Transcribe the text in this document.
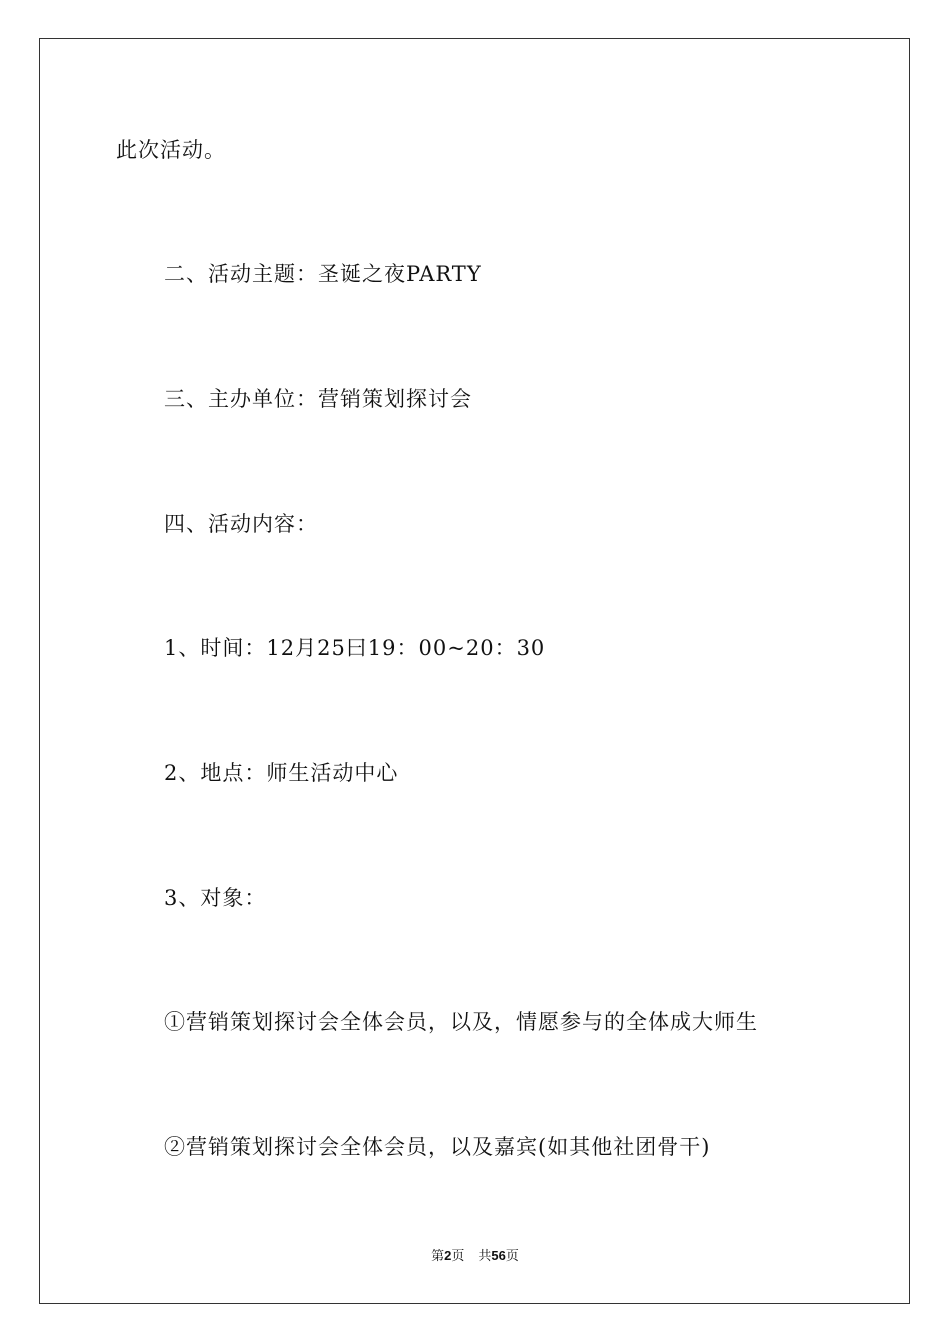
此次活动。
二、活动主题：圣诞之夜PARTY
三、主办单位：营销策划探讨会
四、活动内容：
1、时间：12月25曰19：00~20：30
2、地点：师生活动中心
3、对象：
①营销策划探讨会全体会员，以及，情愿参与的全体成大师生
②营销策划探讨会全体会员，以及嘉宾(如其他社团骨干)
第2页 共56页
